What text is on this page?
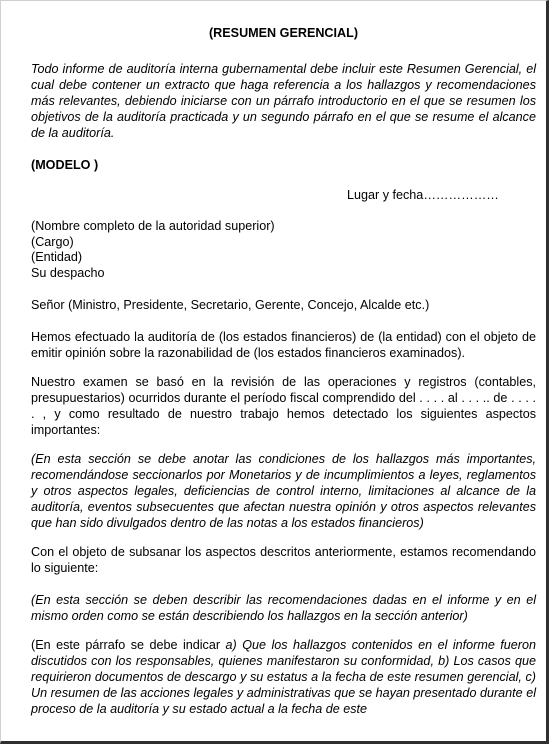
(RESUMEN GERENCIAL)

Todo informe de auditoría interna gubernamental debe incluir este Resumen Gerencial, el cual debe contener un extracto que haga referencia a los hallazgos y recomendaciones más relevantes, debiendo iniciarse con un párrafo introductorio en el que se resumen los objetivos de la auditoría practicada y un segundo párrafo en el que se resume el alcance de la auditoría.

(MODELO )

Lugar y fecha………………

(Nombre completo de la autoridad superior)
(Cargo)
(Entidad)
Su despacho

Señor (Ministro, Presidente, Secretario, Gerente, Concejo, Alcalde etc.)

Hemos efectuado la auditoría de (los estados financieros) de (la entidad) con el objeto de emitir opinión sobre la razonabilidad de (los estados financieros examinados).

Nuestro examen se basó en la revisión de las operaciones y registros (contables, presupuestarios) ocurridos durante el período fiscal comprendido del . . . . al . . . .. de . . . . . , y como resultado de nuestro trabajo hemos detectado los siguientes aspectos importantes:

(En esta sección se debe anotar las condiciones de los hallazgos más importantes, recomendándose seccionarlos por Monetarios y de incumplimientos a leyes, reglamentos y otros aspectos legales, deficiencias de control interno, limitaciones al alcance de la auditoría, eventos subsecuentes que afectan nuestra opinión y otros aspectos relevantes que han sido divulgados dentro de las notas a los estados financieros)

Con el objeto de subsanar los aspectos descritos anteriormente, estamos recomendando lo siguiente:

(En esta sección se deben describir las recomendaciones dadas en el informe y en el mismo orden como se están describiendo los hallazgos en la sección anterior)

(En este párrafo se debe indicar a) Que los hallazgos contenidos en el informe fueron discutidos con los responsables, quienes manifestaron su conformidad, b) Los casos que requirieron documentos de descargo y su estatus a la fecha de este resumen gerencial, c) Un resumen de las acciones legales y administrativas que se hayan presentado durante el proceso de la auditoría y su estado actual a la fecha de este
